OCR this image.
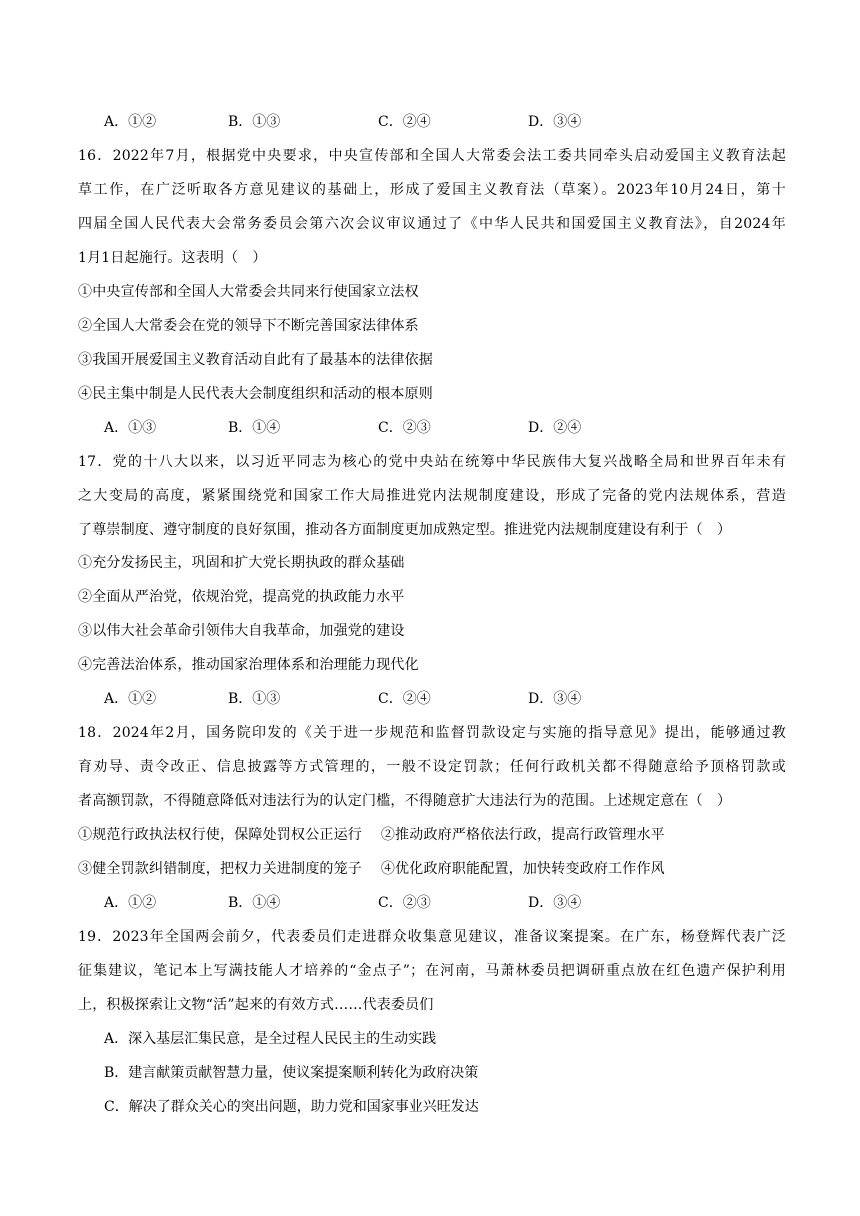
A．①②	B．①③	C．②④	D．③④
16．2022年7月，根据党中央要求，中央宣传部和全国人大常委会法工委共同牵头启动爱国主义教育法起
草工作，在广泛听取各方意见建议的基础上，形成了爱国主义教育法（草案）。2023年10月24日，第十
四届全国人民代表大会常务委员会第六次会议审议通过了《中华人民共和国爱国主义教育法》，自2024年
1月1日起施行。这表明（　）
①中央宣传部和全国人大常委会共同来行使国家立法权
②全国人大常委会在党的领导下不断完善国家法律体系
③我国开展爱国主义教育活动自此有了最基本的法律依据
④民主集中制是人民代表大会制度组织和活动的根本原则
A．①③	B．①④	C．②③	D．②④
17．党的十八大以来，以习近平同志为核心的党中央站在统筹中华民族伟大复兴战略全局和世界百年未有
之大变局的高度，紧紧围绕党和国家工作大局推进党内法规制度建设，形成了完备的党内法规体系，营造
了尊崇制度、遵守制度的良好氛围，推动各方面制度更加成熟定型。推进党内法规制度建设有利于（　）
①充分发扬民主，巩固和扩大党长期执政的群众基础
②全面从严治党，依规治党，提高党的执政能力水平
③以伟大社会革命引领伟大自我革命，加强党的建设
④完善法治体系，推动国家治理体系和治理能力现代化
A．①②	B．①③	C．②④	D．③④
18．2024年2月，国务院印发的《关于进一步规范和监督罚款设定与实施的指导意见》提出，能够通过教
育劝导、责令改正、信息披露等方式管理的，一般不设定罚款；任何行政机关都不得随意给予顶格罚款或
者高额罚款，不得随意降低对违法行为的认定门槛，不得随意扩大违法行为的范围。上述规定意在（　）
①规范行政执法权行使，保障处罚权公正运行　 ②推动政府严格依法行政，提高行政管理水平
③健全罚款纠错制度，把权力关进制度的笼子　 ④优化政府职能配置，加快转变政府工作作风
A．①②	B．①④	C．②③	D．③④
19．2023年全国两会前夕，代表委员们走进群众收集意见建议，准备议案提案。在广东，杨登辉代表广泛
征集建议，笔记本上写满技能人才培养的“金点子”；在河南，马萧林委员把调研重点放在红色遗产保护利用
上，积极探索让文物“活”起来的有效方式……代表委员们
A．深入基层汇集民意，是全过程人民民主的生动实践
B．建言献策贡献智慧力量，使议案提案顺利转化为政府决策
C．解决了群众关心的突出问题，助力党和国家事业兴旺发达
